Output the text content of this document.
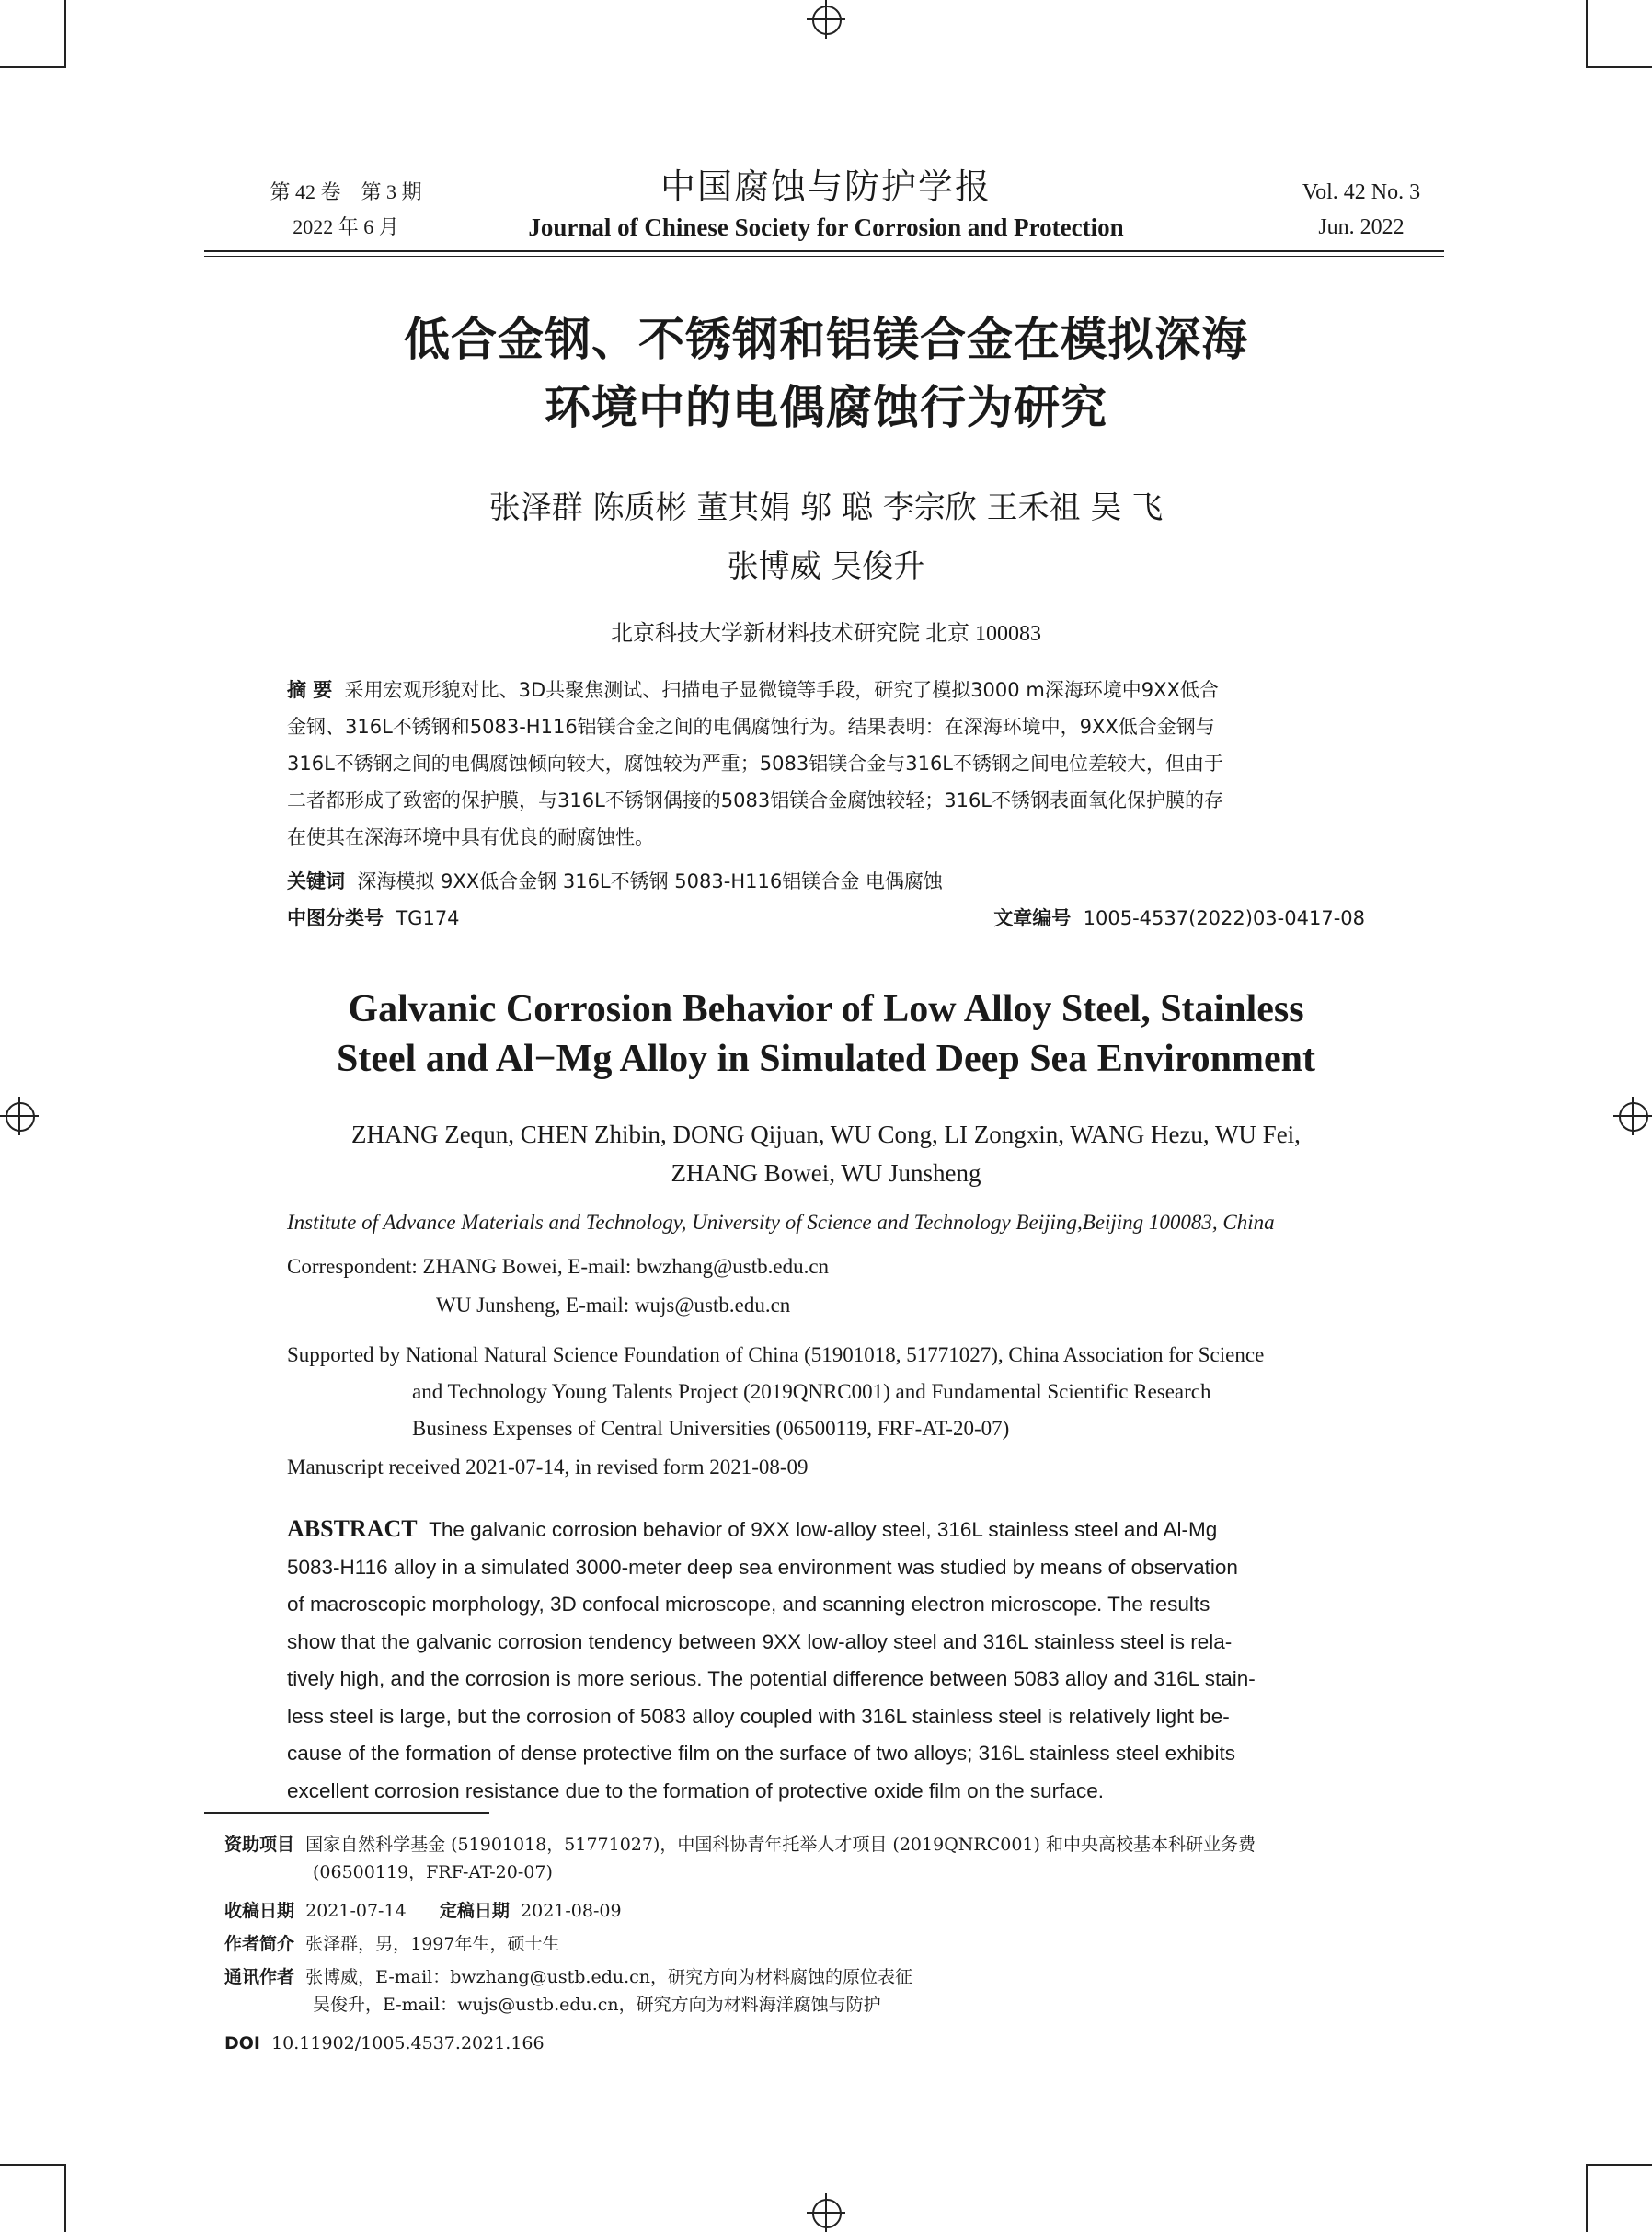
第 42 卷　第 3 期
2022 年 6 月
中国腐蚀与防护学报
Journal of Chinese Society for Corrosion and Protection
Vol. 42 No. 3
Jun. 2022
低合金钢、不锈钢和铝镁合金在模拟深海
环境中的电偶腐蚀行为研究
张泽群 陈质彬 董其娟 邬 聪 李宗欣 王禾祖 吴 飞
张博威 吴俊升
北京科技大学新材料技术研究院 北京 100083
摘 要 采用宏观形貌对比、3D共聚焦测试、扫描电子显微镜等手段，研究了模拟3000 m深海环境中9XX低合
金钢、316L不锈钢和5083-H116铝镁合金之间的电偶腐蚀行为。结果表明：在深海环境中，9XX低合金钢与
316L不锈钢之间的电偶腐蚀倾向较大，腐蚀较为严重；5083铝镁合金与316L不锈钢之间电位差较大，但由于
二者都形成了致密的保护膜，与316L不锈钢偶接的5083铝镁合金腐蚀较轻；316L不锈钢表面氧化保护膜的存
在使其在深海环境中具有优良的耐腐蚀性。
关键词 深海模拟 9XX低合金钢 316L不锈钢 5083-H116铝镁合金 电偶腐蚀
中图分类号 TG174	文章编号 1005-4537(2022)03-0417-08
Galvanic Corrosion Behavior of Low Alloy Steel, Stainless
Steel and Al−Mg Alloy in Simulated Deep Sea Environment
ZHANG Zequn, CHEN Zhibin, DONG Qijuan, WU Cong, LI Zongxin, WANG Hezu, WU Fei,
ZHANG Bowei, WU Junsheng
Institute of Advance Materials and Technology, University of Science and Technology Beijing,Beijing 100083, China
Correspondent: ZHANG Bowei, E-mail: bwzhang@ustb.edu.cn
WU Junsheng, E-mail: wujs@ustb.edu.cn
Supported by National Natural Science Foundation of China (51901018, 51771027), China Association for Science
and Technology Young Talents Project (2019QNRC001) and Fundamental Scientific Research
Business Expenses of Central Universities (06500119, FRF-AT-20-07)
Manuscript received 2021-07-14, in revised form 2021-08-09
ABSTRACT The galvanic corrosion behavior of 9XX low-alloy steel, 316L stainless steel and Al-Mg
5083-H116 alloy in a simulated 3000-meter deep sea environment was studied by means of observation
of macroscopic morphology, 3D confocal microscope, and scanning electron microscope. The results
show that the galvanic corrosion tendency between 9XX low-alloy steel and 316L stainless steel is rela-
tively high, and the corrosion is more serious. The potential difference between 5083 alloy and 316L stain-
less steel is large, but the corrosion of 5083 alloy coupled with 316L stainless steel is relatively light be-
cause of the formation of dense protective film on the surface of two alloys; 316L stainless steel exhibits
excellent corrosion resistance due to the formation of protective oxide film on the surface.
资助项目 国家自然科学基金 (51901018，51771027)，中国科协青年托举人才项目 (2019QNRC001) 和中央高校基本科研业务费
(06500119，FRF-AT-20-07)
收稿日期 2021-07-14 定稿日期 2021-08-09
作者简介 张泽群，男，1997年生，硕士生
通讯作者 张博威，E-mail：bwzhang@ustb.edu.cn，研究方向为材料腐蚀的原位表征
吴俊升，E-mail：wujs@ustb.edu.cn，研究方向为材料海洋腐蚀与防护
DOI 10.11902/1005.4537.2021.166
